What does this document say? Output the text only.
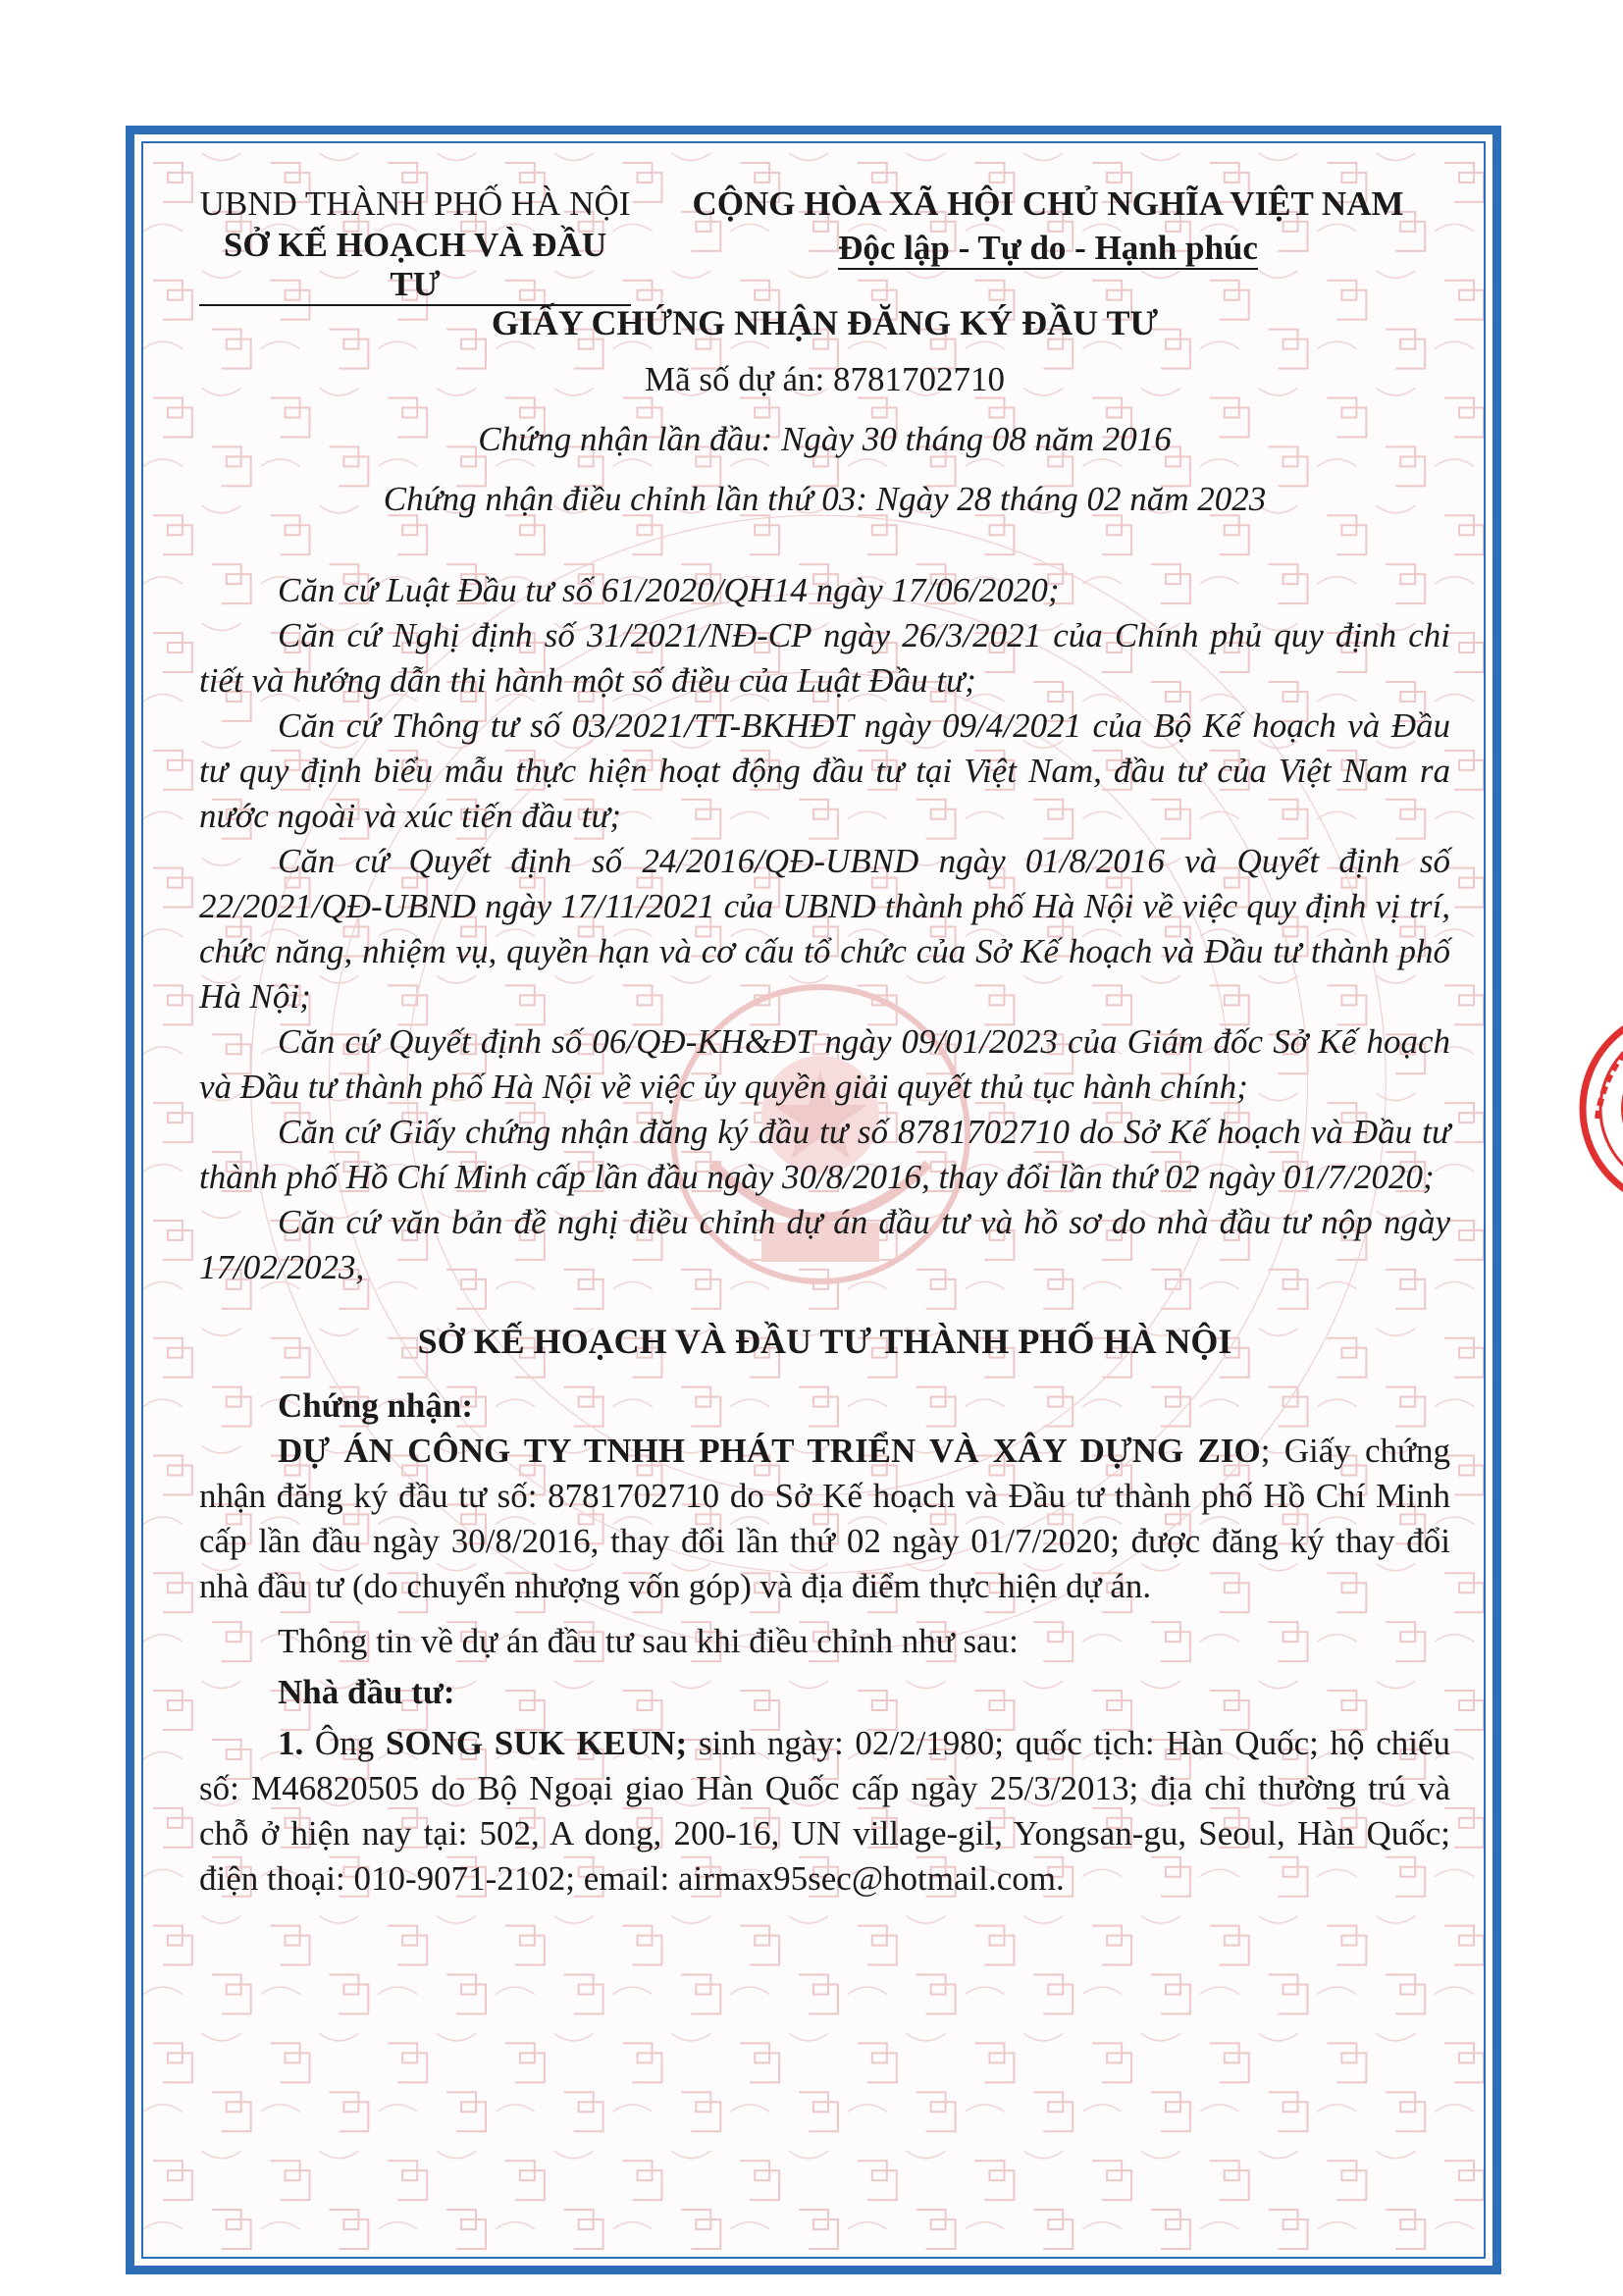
UBND THÀNH PHỐ HÀ NỘI
SỞ KẾ HOẠCH VÀ ĐẦU TƯ
CỘNG HÒA XÃ HỘI CHỦ NGHĨA VIỆT NAM
Độc lập - Tự do - Hạnh phúc
GIẤY CHỨNG NHẬN ĐĂNG KÝ ĐẦU TƯ
Mã số dự án: 8781702710
Chứng nhận lần đầu: Ngày 30 tháng 08 năm 2016
Chứng nhận điều chỉnh lần thứ 03: Ngày 28 tháng 02 năm 2023

Căn cứ Luật Đầu tư số 61/2020/QH14 ngày 17/06/2020;

Căn cứ Nghị định số 31/2021/NĐ-CP ngày 26/3/2021 của Chính phủ quy định chi tiết và hướng dẫn thi hành một số điều của Luật Đầu tư;

Căn cứ Thông tư số 03/2021/TT-BKHĐT ngày 09/4/2021 của Bộ Kế hoạch và Đầu tư quy định biểu mẫu thực hiện hoạt động đầu tư tại Việt Nam, đầu tư của Việt Nam ra nước ngoài và xúc tiến đầu tư;

Căn cứ Quyết định số 24/2016/QĐ-UBND ngày 01/8/2016 và Quyết định số 22/2021/QĐ-UBND ngày 17/11/2021 của UBND thành phố Hà Nội về việc quy định vị trí, chức năng, nhiệm vụ, quyền hạn và cơ cấu tổ chức của Sở Kế hoạch và Đầu tư thành phố Hà Nội;

Căn cứ Quyết định số 06/QĐ-KH&ĐT ngày 09/01/2023 của Giám đốc Sở Kế hoạch và Đầu tư thành phố Hà Nội về việc ủy quyền giải quyết thủ tục hành chính;

Căn cứ Giấy chứng nhận đăng ký đầu tư số 8781702710 do Sở Kế hoạch và Đầu tư thành phố Hồ Chí Minh cấp lần đầu ngày 30/8/2016, thay đổi lần thứ 02 ngày 01/7/2020;

Căn cứ văn bản đề nghị điều chỉnh dự án đầu tư và hồ sơ do nhà đầu tư nộp ngày 17/02/2023,

SỞ KẾ HOẠCH VÀ ĐẦU TƯ THÀNH PHỐ HÀ NỘI

Chứng nhận:

DỰ ÁN CÔNG TY TNHH PHÁT TRIỂN VÀ XÂY DỰNG ZIO; Giấy chứng nhận đăng ký đầu tư số: 8781702710 do Sở Kế hoạch và Đầu tư thành phố Hồ Chí Minh cấp lần đầu ngày 30/8/2016, thay đổi lần thứ 02 ngày 01/7/2020; được đăng ký thay đổi nhà đầu tư (do chuyển nhượng vốn góp) và địa điểm thực hiện dự án.

Thông tin về dự án đầu tư sau khi điều chỉnh như sau:

Nhà đầu tư:

1. Ông SONG SUK KEUN; sinh ngày: 02/2/1980; quốc tịch: Hàn Quốc; hộ chiếu số: M46820505 do Bộ Ngoại giao Hàn Quốc cấp ngày 25/3/2013; địa chỉ thường trú và chỗ ở hiện nay tại: 502, A dong, 200-16, UN village-gil, Yongsan-gu, Seoul, Hàn Quốc; điện thoại: 010-9071-2102; email: airmax95sec@hotmail.com.
